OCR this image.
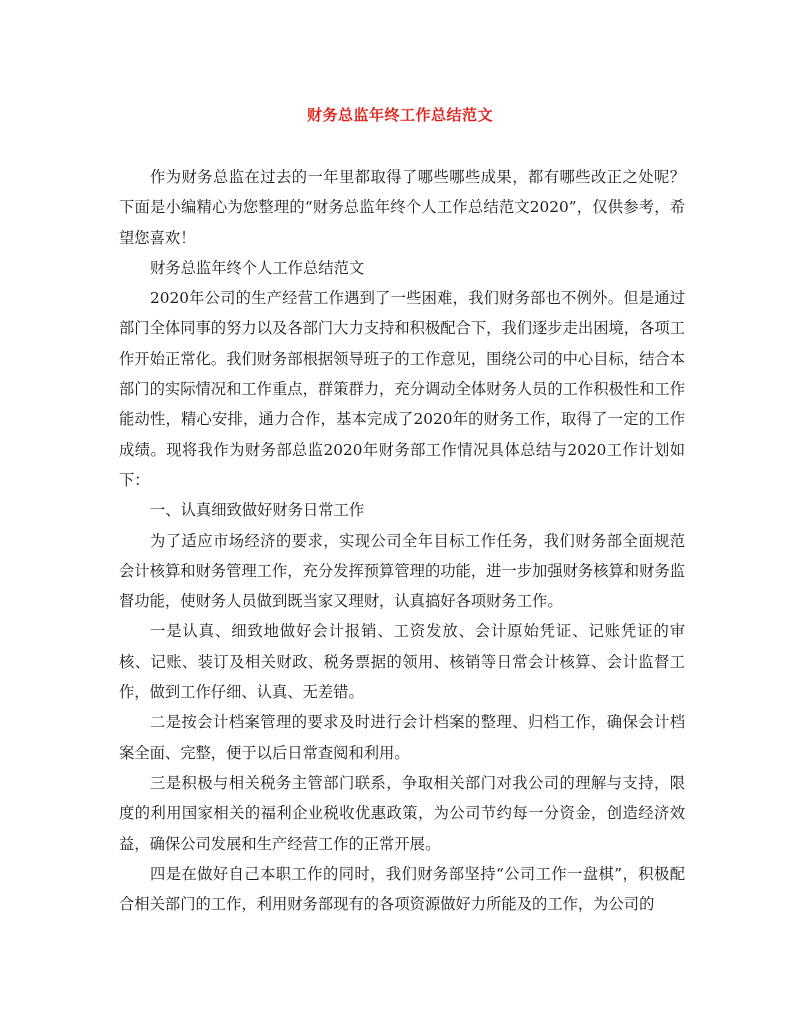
财务总监年终工作总结范文

作为财务总监在过去的一年里都取得了哪些哪些成果，都有哪些改正之处呢？下面是小编精心为您整理的“财务总监年终个人工作总结范文2020”，仅供参考，希望您喜欢！

财务总监年终个人工作总结范文

2020年公司的生产经营工作遇到了一些困难，我们财务部也不例外。但是通过部门全体同事的努力以及各部门大力支持和积极配合下，我们逐步走出困境，各项工作开始正常化。我们财务部根据领导班子的工作意见，围绕公司的中心目标，结合本部门的实际情况和工作重点，群策群力，充分调动全体财务人员的工作积极性和工作能动性，精心安排，通力合作，基本完成了2020年的财务工作，取得了一定的工作成绩。现将我作为财务部总监2020年财务部工作情况具体总结与2020工作计划如下：

一、认真细致做好财务日常工作

为了适应市场经济的要求，实现公司全年目标工作任务，我们财务部全面规范会计核算和财务管理工作，充分发挥预算管理的功能，进一步加强财务核算和财务监督功能，使财务人员做到既当家又理财，认真搞好各项财务工作。

一是认真、细致地做好会计报销、工资发放、会计原始凭证、记账凭证的审核、记账、装订及相关财政、税务票据的领用、核销等日常会计核算、会计监督工作，做到工作仔细、认真、无差错。

二是按会计档案管理的要求及时进行会计档案的整理、归档工作，确保会计档案全面、完整，便于以后日常查阅和利用。

三是积极与相关税务主管部门联系，争取相关部门对我公司的理解与支持，限度的利用国家相关的福利企业税收优惠政策，为公司节约每一分资金，创造经济效益，确保公司发展和生产经营工作的正常开展。

四是在做好自己本职工作的同时，我们财务部坚持“公司工作一盘棋”，积极配合相关部门的工作，利用财务部现有的各项资源做好力所能及的工作，为公司的
